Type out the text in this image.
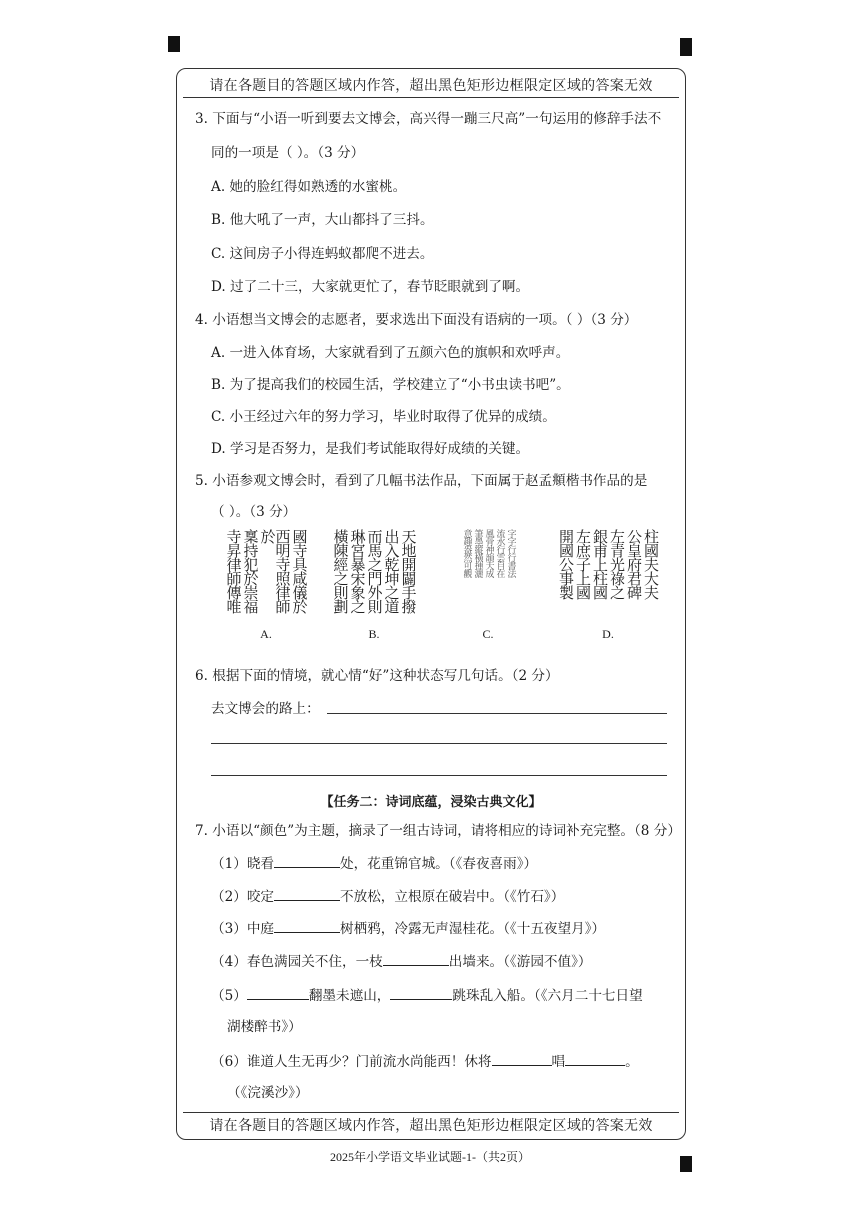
请在各题目的答题区域内作答，超出黑色矩形边框限定区域的答案无效
3. 下面与“小语一听到要去文博会，高兴得一蹦三尺高”一句运用的修辞手法不
同的一项是（ ）。（3 分）
A. 她的脸红得如熟透的水蜜桃。
B. 他大吼了一声，大山都抖了三抖。
C. 这间房子小得连蚂蚁都爬不进去。
D. 过了二十三，大家就更忙了，春节眨眼就到了啊。
4. 小语想当文博会的志愿者，要求选出下面没有语病的一项。（ ）（3 分）
A. 一进入体育场，大家就看到了五颜六色的旗帜和欢呼声。
B. 为了提高我们的校园生活，学校建立了“小书虫读书吧”。
C. 小王经过六年的努力学习，毕业时取得了优异的成绩。
D. 学习是否努力，是我们考试能取得好成绩的关键。
5. 小语参观文博会时，看到了几幅书法作品，下面属于赵孟頫楷书作品的是
（ ）。（3 分）
國寺具咸儀於
西明寺照律師於
稟持犯於崇福
寺昇律師傳唯
A.
天地開闢手撥
出入乾坤之道
而馬之門外則
琳宮暴宋象之
橫陳經之則劃
B.
字字行行書法
流水行雲自在
風骨神韻天成
筆墨縱橫揮灑
意趣盎然可觀
C.
柱國夫大夫
公皇府君碑
左青光祿之
銀甫上柱國
左庶子上國
開國公事製
D.
6. 根据下面的情境，就心情“好”这种状态写几句话。（2 分）
去文博会的路上：
【任务二：诗词底蕴，浸染古典文化】
7. 小语以“颜色”为主题，摘录了一组古诗词，请将相应的诗词补充完整。（8 分）
（1）晓看	处，花重锦官城。（《春夜喜雨》）
（2）咬定	不放松，立根原在破岩中。（《竹石》）
（3）中庭	树栖鸦，冷露无声湿桂花。（《十五夜望月》）
（4）春色满园关不住，一枝	出墙来。（《游园不值》）
（5）	翻墨未遮山，	跳珠乱入船。（《六月二十七日望
湖楼醉书》）
（6）谁道人生无再少？门前流水尚能西！休将	唱	。
（《浣溪沙》）
请在各题目的答题区域内作答，超出黑色矩形边框限定区域的答案无效
2025年小学语文毕业试题-1-（共2页）
